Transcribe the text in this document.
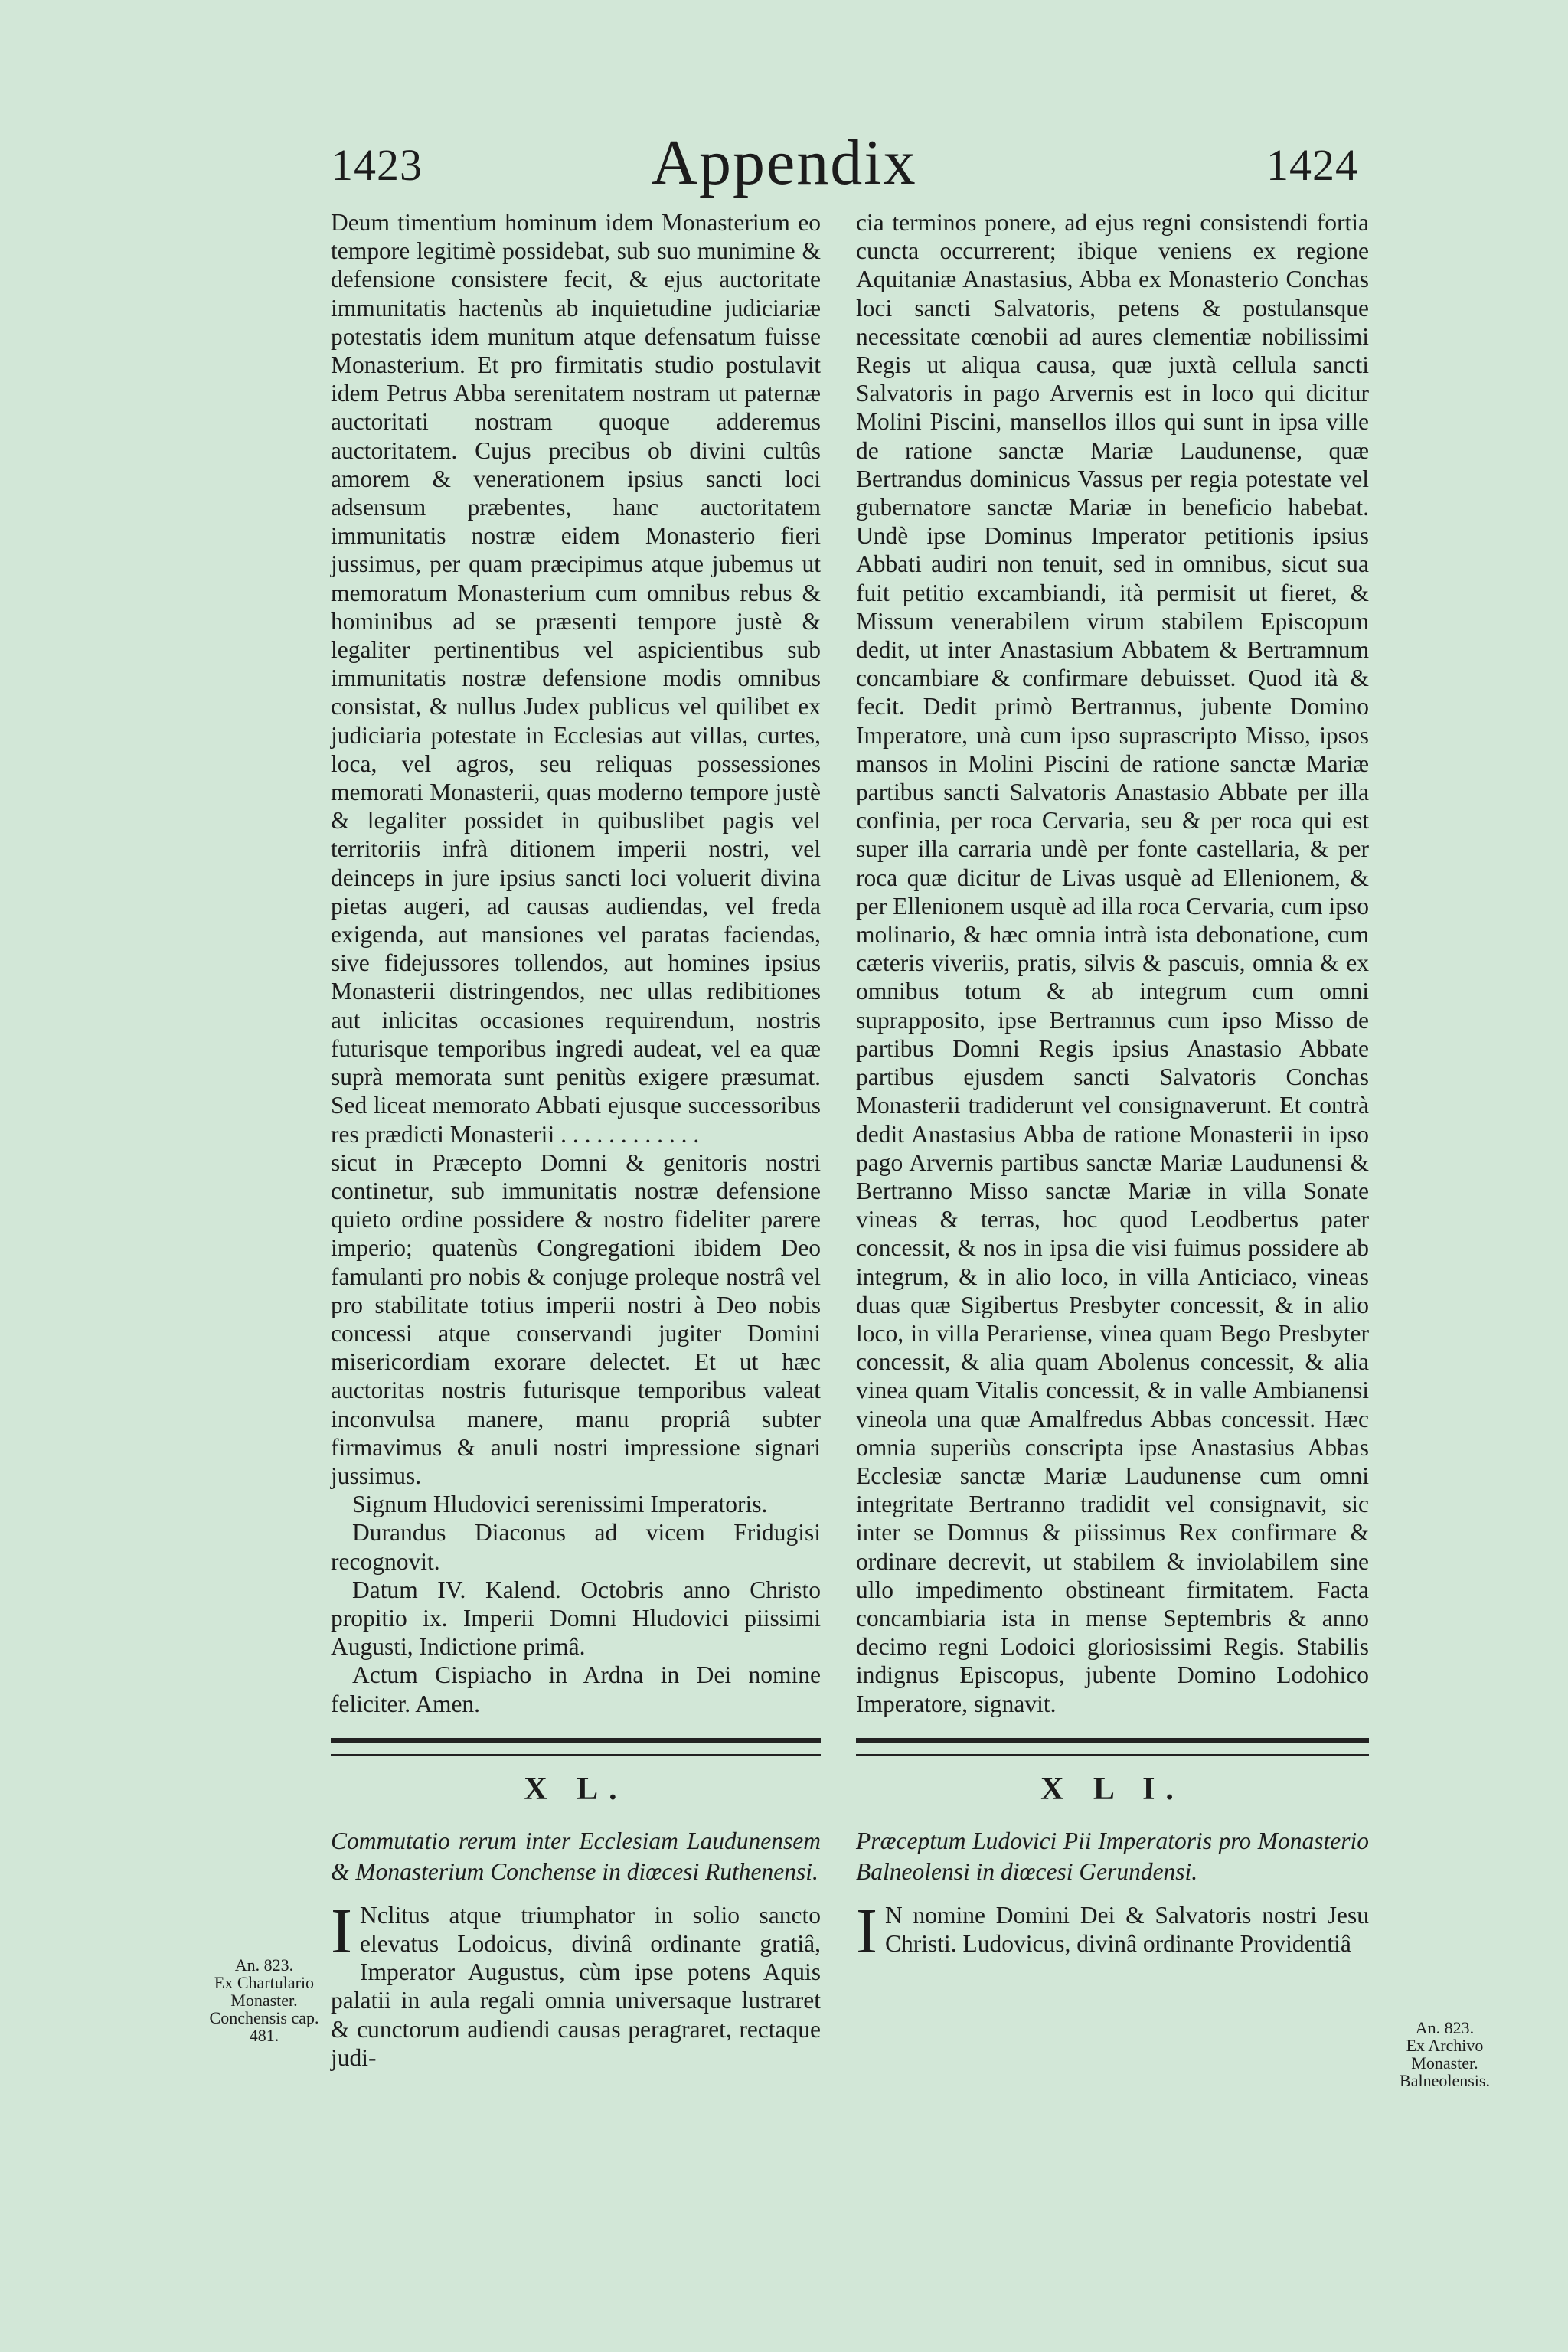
1423	Appendix	1424

Deum timentium hominum idem Monasterium eo tempore legitimè possidebat, sub suo munimine & defensione consistere fecit, & ejus auctoritate immunitatis hactenùs ab inquietudine judiciariæ potestatis idem munitum atque defensatum fuisse Monasterium. Et pro firmitatis studio postulavit idem Petrus Abba serenitatem nostram ut paternæ auctoritati nostram quoque adderemus auctoritatem. Cujus precibus ob divini cultûs amorem & venerationem ipsius sancti loci adsensum præbentes, hanc auctoritatem immunitatis nostræ eidem Monasterio fieri jussimus, per quam præcipimus atque jubemus ut memoratum Monasterium cum omnibus rebus & hominibus ad se præsenti tempore justè & legaliter pertinentibus vel aspicientibus sub immunitatis nostræ defensione modis omnibus consistat, & nullus Judex publicus vel quilibet ex judiciaria potestate in Ecclesias aut villas, curtes, loca, vel agros, seu reliquas possessiones memorati Monasterii, quas moderno tempore justè & legaliter possidet in quibuslibet pagis vel territoriis infrà ditionem imperii nostri, vel deinceps in jure ipsius sancti loci voluerit divina pietas augeri, ad causas audiendas, vel freda exigenda, aut mansiones vel paratas faciendas, sive fidejussores tollendos, aut homines ipsius Monasterii distringendos, nec ullas redibitiones aut inlicitas occasiones requirendum, nostris futurisque temporibus ingredi audeat, vel ea quæ suprà memorata sunt penitùs exigere præsumat. Sed liceat memorato Abbati ejusque successoribus res prædicti Monasterii . . . . . . . . . . . .

sicut in Præcepto Domni & genitoris nostri continetur, sub immunitatis nostræ defensione quieto ordine possidere & nostro fideliter parere imperio; quatenùs Congregationi ibidem Deo famulanti pro nobis & conjuge proleque nostrâ vel pro stabilitate totius imperii nostri à Deo nobis concessi atque conservandi jugiter Domini misericordiam exorare delectet. Et ut hæc auctoritas nostris futurisque temporibus valeat inconvulsa manere, manu propriâ subter firmavimus & anuli nostri impressione signari jussimus.

Signum Hludovici serenissimi Imperatoris.

Durandus Diaconus ad vicem Fridugisi recognovit.

Datum IV. Kalend. Octobris anno Christo propitio ix. Imperii Domni Hludovici piissimi Augusti, Indictione primâ.

Actum Cispiacho in Ardna in Dei nomine feliciter. Amen.

X L.
Commutatio rerum inter Ecclesiam Laudunensem & Monasterium Conchense in diœcesi Ruthenensi.
I Nclitus atque triumphator in solio sancto elevatus Lodoicus, divinâ ordinante gratiâ, Imperator Augustus, cùm ipse potens Aquis palatii in aula regali omnia universaque lustraret & cunctorum audiendi causas peragraret, rectaque judi-

cia terminos ponere, ad ejus regni consistendi fortia cuncta occurrerent; ibique veniens ex regione Aquitaniæ Anastasius, Abba ex Monasterio Conchas loci sancti Salvatoris, petens & postulansque necessitate cœnobii ad aures clementiæ nobilissimi Regis ut aliqua causa, quæ juxtà cellula sancti Salvatoris in pago Arvernis est in loco qui dicitur Molini Piscini, mansellos illos qui sunt in ipsa ville de ratione sanctæ Mariæ Laudunense, quæ Bertrandus dominicus Vassus per regia potestate vel gubernatore sanctæ Mariæ in beneficio habebat. Undè ipse Dominus Imperator petitionis ipsius Abbati audiri non tenuit, sed in omnibus, sicut sua fuit petitio excambiandi, ità permisit ut fieret, & Missum venerabilem virum stabilem Episcopum dedit, ut inter Anastasium Abbatem & Bertramnum concambiare & confirmare debuisset. Quod ità & fecit. Dedit primò Bertrannus, jubente Domino Imperatore, unà cum ipso suprascripto Misso, ipsos mansos in Molini Piscini de ratione sanctæ Mariæ partibus sancti Salvatoris Anastasio Abbate per illa confinia, per roca Cervaria, seu & per roca qui est super illa carraria undè per fonte castellaria, & per roca quæ dicitur de Livas usquè ad Ellenionem, & per Ellenionem usquè ad illa roca Cervaria, cum ipso molinario, & hæc omnia intrà ista debonatione, cum cæteris viveriis, pratis, silvis & pascuis, omnia & ex omnibus totum & ab integrum cum omni suprapposito, ipse Bertrannus cum ipso Misso de partibus Domni Regis ipsius Anastasio Abbate partibus ejusdem sancti Salvatoris Conchas Monasterii tradiderunt vel consignaverunt. Et contrà dedit Anastasius Abba de ratione Monasterii in ipso pago Arvernis partibus sanctæ Mariæ Laudunensi & Bertranno Misso sanctæ Mariæ in villa Sonate vineas & terras, hoc quod Leodbertus pater concessit, & nos in ipsa die visi fuimus possidere ab integrum, & in alio loco, in villa Anticiaco, vineas duas quæ Sigibertus Presbyter concessit, & in alio loco, in villa Perariense, vinea quam Bego Presbyter concessit, & alia quam Abolenus concessit, & alia vinea quam Vitalis concessit, & in valle Ambianensi vineola una quæ Amalfredus Abbas concessit. Hæc omnia superiùs conscripta ipse Anastasius Abbas Ecclesiæ sanctæ Mariæ Laudunense cum omni integritate Bertranno tradidit vel consignavit, sic inter se Domnus & piissimus Rex confirmare & ordinare decrevit, ut stabilem & inviolabilem sine ullo impedimento obstineant firmitatem. Facta concambiaria ista in mense Septembris & anno decimo regni Lodoici gloriosissimi Regis. Stabilis indignus Episcopus, jubente Domino Lodohico Imperatore, signavit.

X L I.
Præceptum Ludovici Pii Imperatoris pro Monasterio Balneolensi in diœcesi Gerundensi.
I N nomine Domini Dei & Salvatoris nostri Jesu Christi. Ludovicus, divinâ ordinante Providentiâ

An. 823.
Ex Chartulario Monaster. Conchensis cap. 481.	An. 823.
Ex Archivo Monaster. Balneolensis.
